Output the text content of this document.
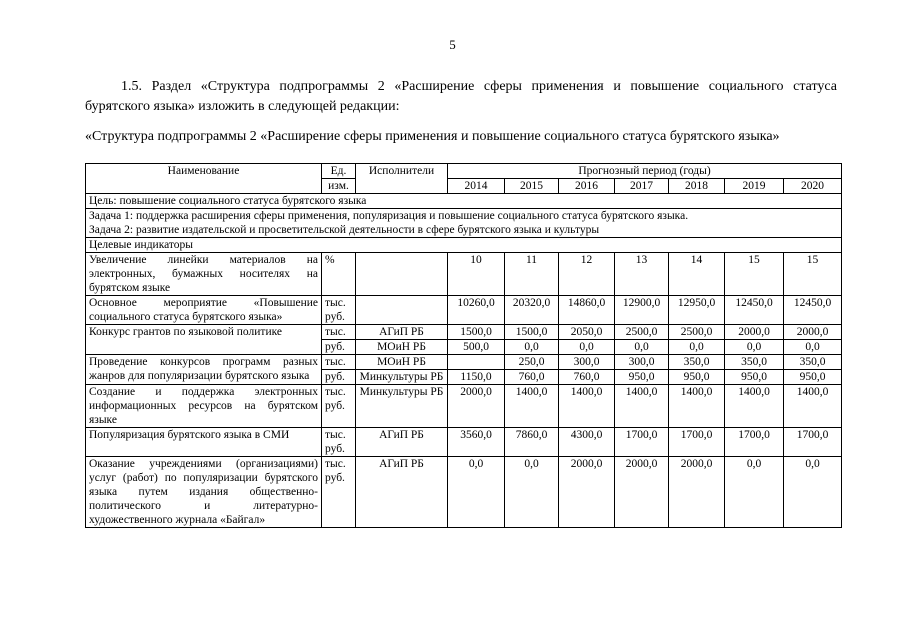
5
1.5. Раздел «Структура подпрограммы 2 «Расширение сферы применения и повышение социального статуса бурятского языка» изложить в следующей редакции:
«Структура подпрограммы 2 «Расширение сферы применения и повышение социального статуса бурятского языка»
Наименование	Ед.	Исполнители	Прогнозный период (годы)						
	изм.		2014	2015	2016	2017	2018	2019	2020
Цель: повышение социального статуса бурятского языка									

Задача 1: поддержка расширения сферы применения, популяризация и повышение социального статуса бурятского языка.
Задача 2: развитие издательской и просветительской деятельности в сфере бурятского языка и культуры									

Целевые индикаторы									
Увеличение линейки материалов на электронных, бумажных носителях на бурятском языке	%		10	11	12	13	14	15	15
Основное мероприятие «Повышение социального статуса бурятского языка»	тыс. руб.		10260,0	20320,0	14860,0	12900,0	12950,0	12450,0	12450,0
Конкурс грантов по языковой политике	тыс.	АГиП РБ	1500,0	1500,0	2050,0	2500,0	2500,0	2000,0	2000,0
	руб.	МОиН РБ	500,0	0,0	0,0	0,0	0,0	0,0	0,0
Проведение конкурсов программ разных жанров для популяризации бурятского языка	тыс.	МОиН РБ		250,0	300,0	300,0	350,0	350,0	350,0
	руб.	Минкультуры РБ	1150,0	760,0	760,0	950,0	950,0	950,0	950,0
Создание и поддержка электронных информационных ресурсов на бурятском языке	тыс. руб.	Минкультуры РБ	2000,0	1400,0	1400,0	1400,0	1400,0	1400,0	1400,0
Популяризация бурятского языка в СМИ	тыс. руб.	АГиП РБ	3560,0	7860,0	4300,0	1700,0	1700,0	1700,0	1700,0
Оказание учреждениями (организациями) услуг (работ) по популяризации бурятского языка путем издания общественно-политического и литературно-художественного журнала «Байгал»	тыс. руб.	АГиП РБ	0,0	0,0	2000,0	2000,0	2000,0	0,0	0,0
